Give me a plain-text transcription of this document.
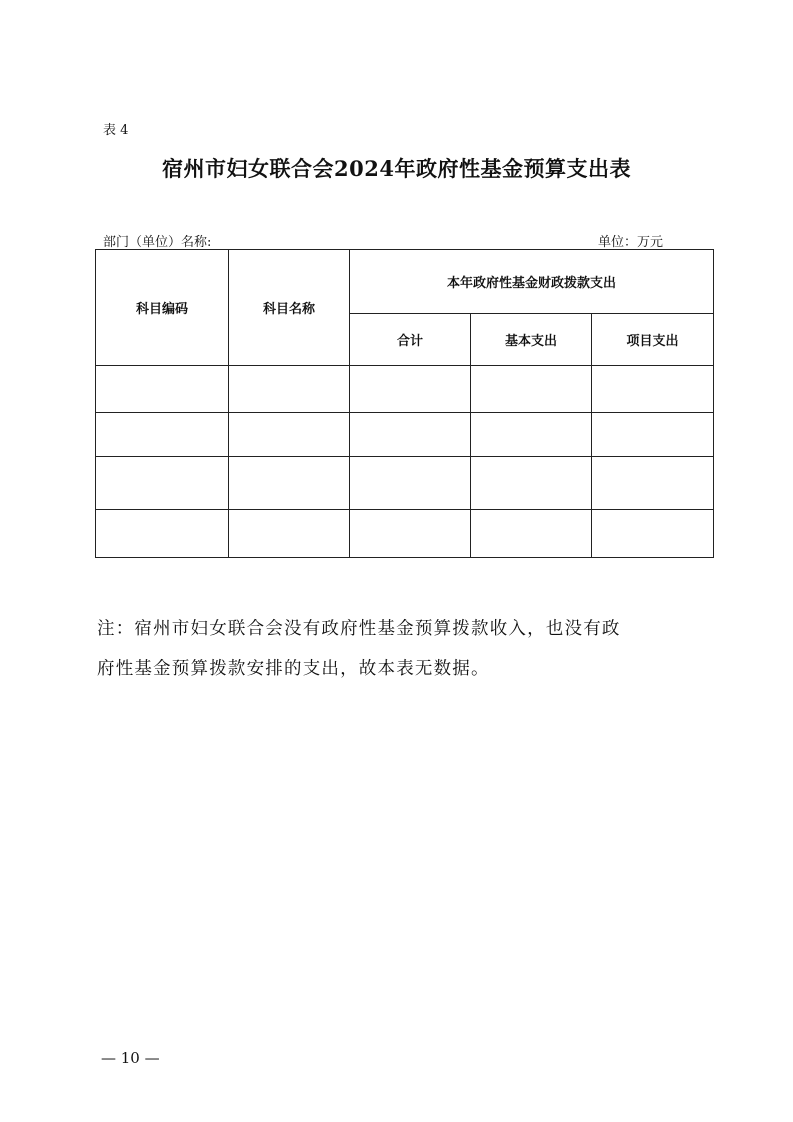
表 4
宿州市妇女联合会2024年政府性基金预算支出表
部门（单位）名称:	单位：万元
科目编码	科目名称	本年政府性基金财政拨款支出		
		合计	基本支出	项目支出

注：宿州市妇女联合会没有政府性基金预算拨款收入，也没有政
府性基金预算拨款安排的支出，故本表无数据。
— 10 —
